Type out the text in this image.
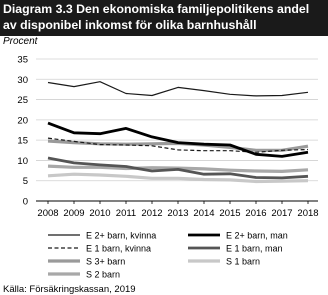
Diagram 3.3 Den ekonomiska familjepolitikens andel av disponibel inkomst för olika barnhushåll
Procent
0
5
10
15
20
25
30
35
2008 2009 2010 2011 2012 2013 2014 2015 2016 2017 2018
E 2+ barn, kvinna	E 2+ barn, man
E 1 barn, kvinna	E 1 barn, man
S 3+ barn	S 1 barn
S 2 barn
Källa: Försäkringskassan, 2019
